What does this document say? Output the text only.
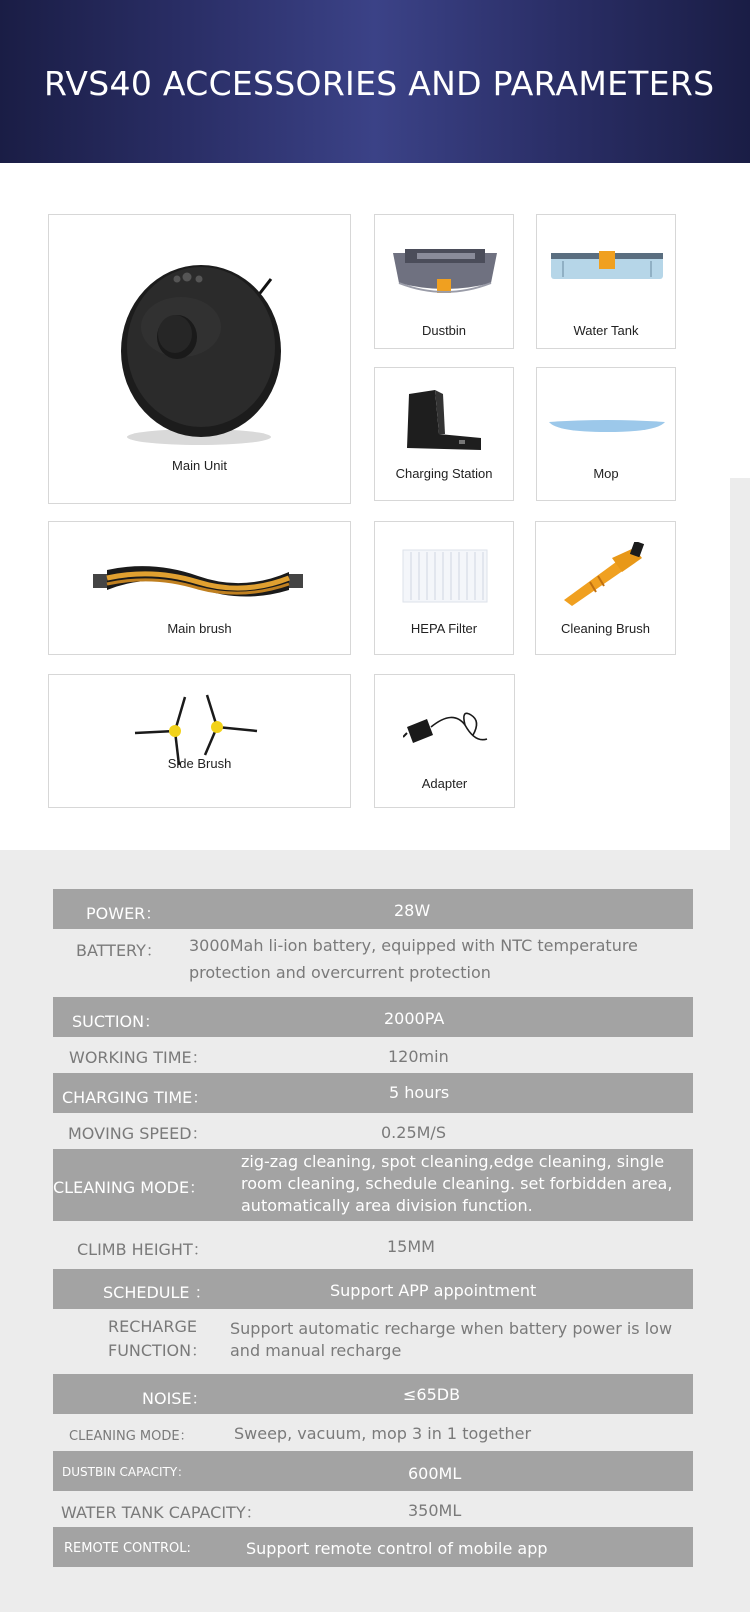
RVS40 ACCESSORIES AND PARAMETERS
Main Unit
Dustbin	Water Tank
Charging Station	Mop
Main brush	HEPA Filter	Cleaning Brush
Side Brush
Adapter
POWER：	28W
BATTERY： 3000Mah li-ion battery, equipped with NTC temperature protection and overcurrent protection
SUCTION：	2000PA
WORKING TIME：	120min
CHARGING TIME：	5 hours
MOVING SPEED：	0.25M/S
CLEANING MODE：
zig-zag cleaning, spot cleaning,edge cleaning, single room cleaning, schedule cleaning. set forbidden area, automatically area division function.
CLIMB HEIGHT：	15MM
SCHEDULE ：	Support APP appointment
RECHARGE
FUNCTION：
Support automatic recharge when battery power is low and manual recharge
NOISE：	≤65DB
CLEANING MODE：	Sweep, vacuum, mop 3 in 1 together
DUSTBIN CAPACITY：	600ML
WATER TANK CAPACITY：	350ML
REMOTE CONTROL:	Support remote control of mobile app
